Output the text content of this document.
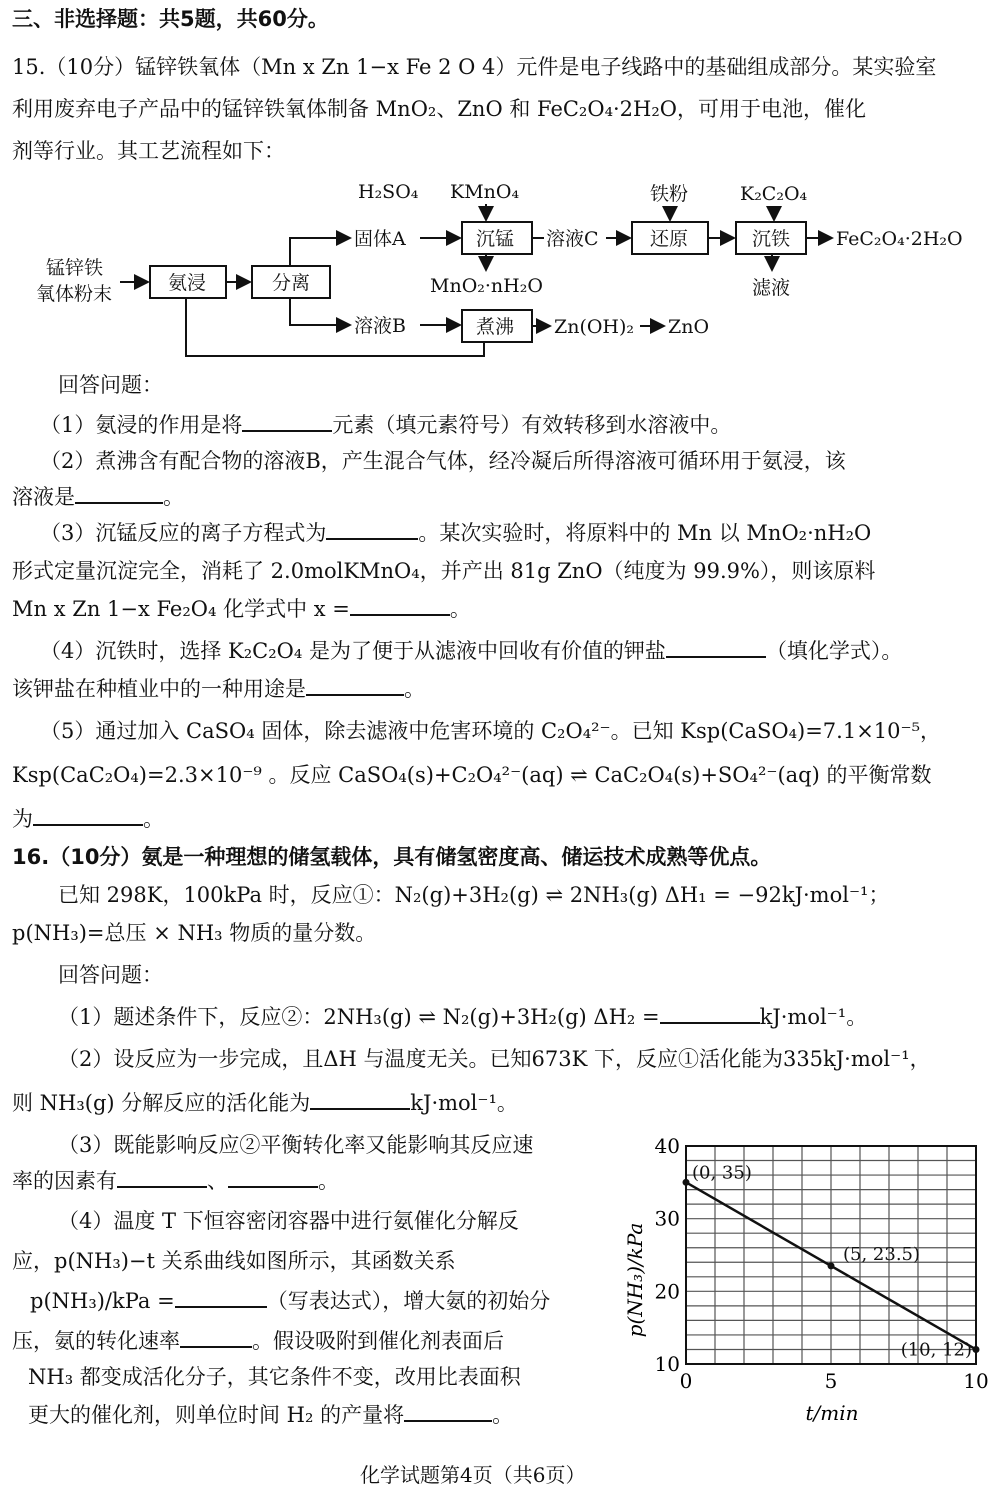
三、非选择题：共5题，共60分。
15.（10分）锰锌铁氧体（Mn x Zn 1−x Fe 2 O 4）元件是电子线路中的基础组成部分。某实验室
利用废弃电子产品中的锰锌铁氧体制备 MnO₂、ZnO 和 FeC₂O₄·2H₂O，可用于电池，催化
剂等行业。其工艺流程如下：
锰锌铁
氧体粉末	氨浸	分离
固体A
溶液B
H₂SO₄ KMnO₄
沉锰
MnO₂·nH₂O
溶液C
铁粉
还原
K₂C₂O₄
沉铁 FeC₂O₄·2H₂O
滤液
煮沸 Zn(OH)₂ ZnO
回答问题：
（1）氨浸的作用是将	元素（填元素符号）有效转移到水溶液中。
（2）煮沸含有配合物的溶液B，产生混合气体，经冷凝后所得溶液可循环用于氨浸，该
溶液是	。
（3）沉锰反应的离子方程式为	。某次实验时，将原料中的 Mn 以 MnO₂·nH₂O
形式定量沉淀完全，消耗了 2.0molKMnO₄，并产出 81g ZnO（纯度为 99.9%），则该原料
Mn x Zn 1−x Fe₂O₄ 化学式中 x =	。
（4）沉铁时，选择 K₂C₂O₄ 是为了便于从滤液中回收有价值的钾盐	（填化学式）。
该钾盐在种植业中的一种用途是	。
（5）通过加入 CaSO₄ 固体，除去滤液中危害环境的 C₂O₄²⁻。已知 Ksp(CaSO₄)=7.1×10⁻⁵，
Ksp(CaC₂O₄)=2.3×10⁻⁹ 。反应 CaSO₄(s)+C₂O₄²⁻(aq) ⇌ CaC₂O₄(s)+SO₄²⁻(aq) 的平衡常数
为	。
16.（10分）氨是一种理想的储氢载体，具有储氢密度高、储运技术成熟等优点。
已知 298K，100kPa 时，反应①：N₂(g)+3H₂(g) ⇌ 2NH₃(g) ΔH₁ = −92kJ·mol⁻¹；
p(NH₃)=总压 × NH₃ 物质的量分数。
回答问题：
（1）题述条件下，反应②：2NH₃(g) ⇌ N₂(g)+3H₂(g) ΔH₂ =	kJ·mol⁻¹。
（2）设反应为一步完成，且ΔH 与温度无关。已知673K 下，反应①活化能为335kJ·mol⁻¹，
则 NH₃(g) 分解反应的活化能为	kJ·mol⁻¹。
（3）既能影响反应②平衡转化率又能影响其反应速
率的因素有	、	。
（4）温度 T 下恒容密闭容器中进行氨催化分解反
应，p(NH₃)−t 关系曲线如图所示，其函数关系
p(NH₃)/kPa =	（写表达式），增大氨的初始分
压，氨的转化速率	。假设吸附到催化剂表面后
NH₃ 都变成活化分子，其它条件不变，改用比表面积
更大的催化剂，则单位时间 H₂ 的产量将	。
0	5	10
10
20
30
40
(0, 35)
(5, 23.5)
(10, 12)
p(NH₃)/kPa
t/min
化学试题第4页（共6页）
